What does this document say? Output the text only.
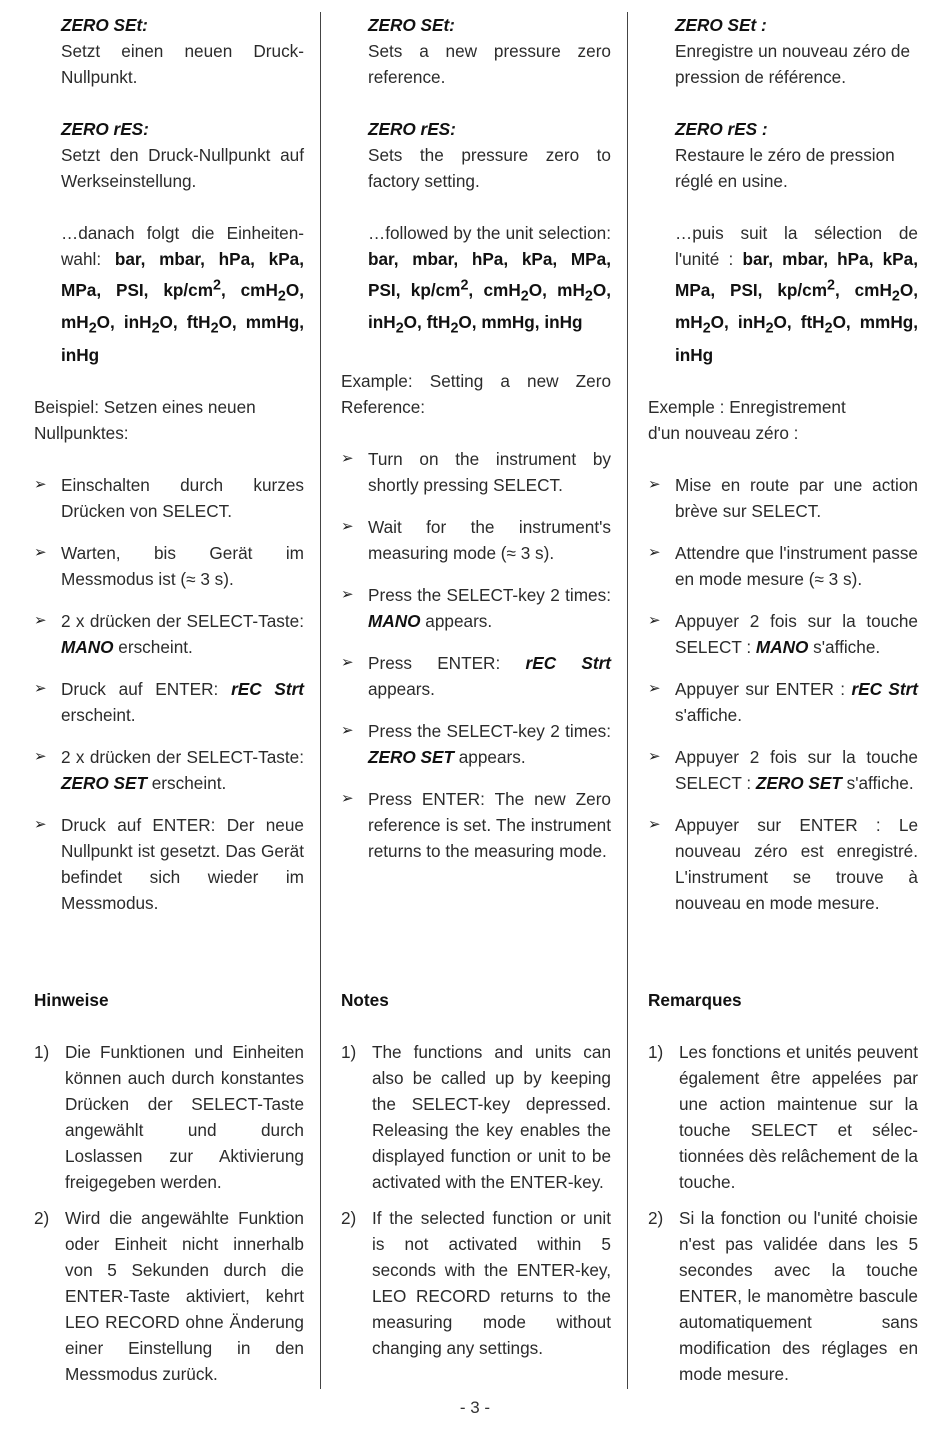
ZERO SEt:
Setzt einen neuen Druck-Nullpunkt.
ZERO rES:
Setzt den Druck-Nullpunkt auf Werkseinstellung.
…danach folgt die Einheiten-wahl: bar, mbar, hPa, kPa, MPa, PSI, $kp/cm^2$, cmH$_2$O, $mH_2O$, inH$_2$O, ftH$_2$O, mmHg, inHg
Beispiel: Setzen eines neuen Nullpunktes:
➢ Einschalten durch kurzes Drücken von SELECT.
➢ Warten, bis Gerät im Messmodus ist (≈ 3 s).
➢ 2 x drücken der SELECT-Taste: MANO erscheint.
➢ Druck auf ENTER: rEC Strt erscheint.
➢ 2 x drücken der SELECT-Taste: ZERO SET erscheint.
➢ Druck auf ENTER: Der neue Nullpunkt ist gesetzt. Das Gerät befindet sich wieder im Messmodus.
Hinweise
1) Die Funktionen und Einheiten können auch durch konstantes Drücken der SELECT-Taste angewählt und durch Loslassen zur Aktivierung freigegeben werden.
2) Wird die angewählte Funktion oder Einheit nicht innerhalb von 5 Sekunden durch die ENTER-Taste aktiviert, kehrt LEO RECORD ohne Änderung einer Einstellung in den Messmodus zurück.
ZERO SEt:
Sets a new pressure zero reference.
ZERO rES:
Sets the pressure zero to factory setting.
…followed by the unit selection: bar, mbar, hPa, kPa, MPa, PSI, $kp/cm^2$, cmH$_2$O, $mH_2O$, inH$_2$O, ftH$_2$O, mmHg, inHg
Example: Setting a new Zero Reference:
➢ Turn on the instrument by shortly pressing SELECT.
➢ Wait for the instrument's measuring mode (≈ 3 s).
➢ Press the SELECT-key 2 times: MANO appears.
➢ Press ENTER: rEC Strt appears.
➢ Press the SELECT-key 2 times: ZERO SET appears.
➢ Press ENTER: The new Zero reference is set. The instrument returns to the measuring mode.
Notes
1) The functions and units can also be called up by keeping the SELECT-key depressed. Releasing the key enables the displayed function or unit to be activated with the ENTER-key.
2) If the selected function or unit is not activated within 5 seconds with the ENTER-key, LEO RECORD returns to the measuring mode without changing any settings.
ZERO SEt :
Enregistre un nouveau zéro de pression de référence.
ZERO rES :
Restaure le zéro de pression réglé en usine.
…puis suit la sélection de l'unité : bar, mbar, hPa, kPa, MPa, PSI, $kp/cm^2$, cmH$_2$O, $mH_2O$, inH$_2$O, ftH$_2$O, mmHg, inHg
Exemple : Enregistrement d'un nouveau zéro :
➢ Mise en route par une action brève sur SELECT.
➢ Attendre que l'instrument passe en mode mesure (≈ 3 s).
➢ Appuyer 2 fois sur la touche SELECT : MANO s'affiche.
➢ Appuyer sur ENTER : rEC Strt s'affiche.
➢ Appuyer 2 fois sur la touche SELECT : ZERO SET s'affiche.
➢ Appuyer sur ENTER : Le nouveau zéro est enregistré. L'instrument se trouve à nouveau en mode mesure.
Remarques
1) Les fonctions et unités peuvent également être appelées par une action maintenue sur la touche SELECT et sélec-tionnées dès relâchement de la touche.
2) Si la fonction ou l'unité choisie n'est pas validée dans les 5 secondes avec la touche ENTER, le manomètre bascule automatiquement sans modification des réglages en mode mesure.
- 3 -
